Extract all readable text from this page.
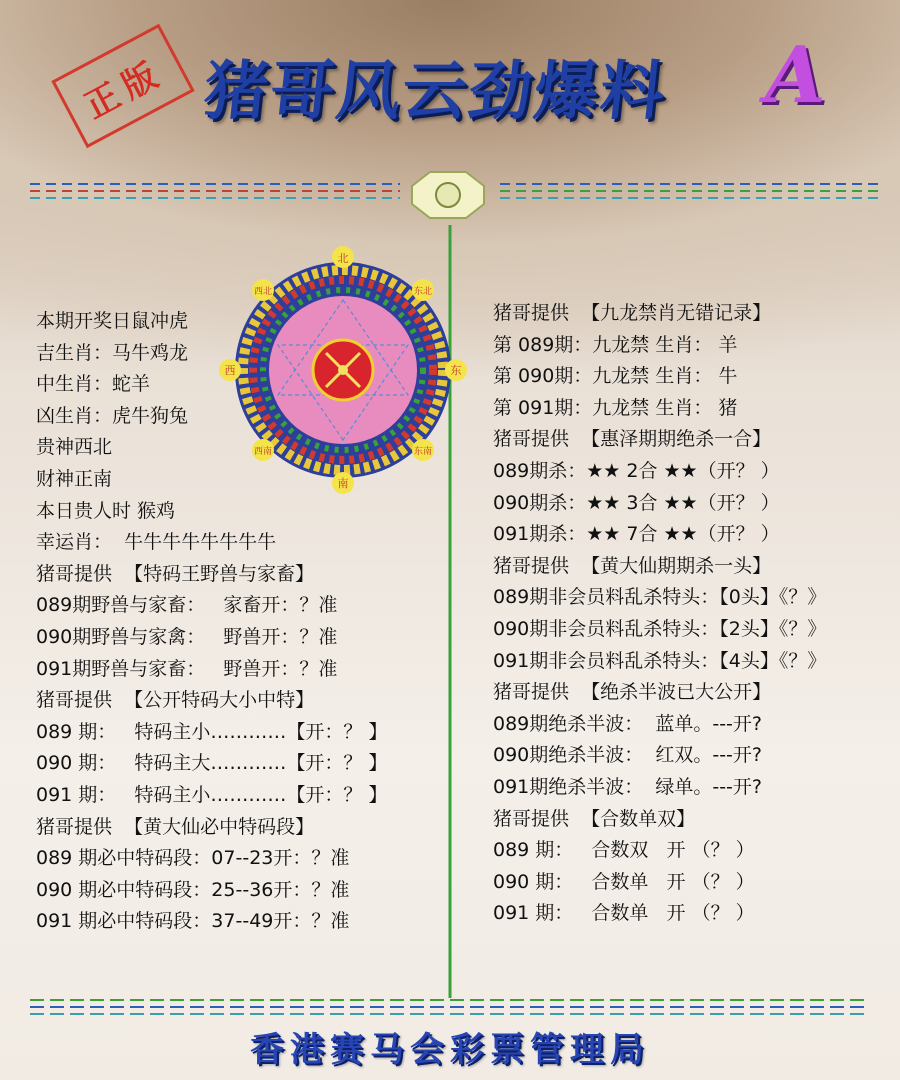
正版 猪哥风云劲爆料 A
北
东北
东
东南
南
西南
西
西北
本期开奖日鼠冲虎
吉生肖：马牛鸡龙
中生肖：蛇羊
凶生肖：虎牛狗兔
贵神西北
财神正南
本日贵人时 猴鸡
幸运肖：  牛牛牛牛牛牛牛牛
猪哥提供  【特码王野兽与家畜】
089期野兽与家畜：   家畜开：？准
090期野兽与家禽：   野兽开：？准
091期野兽与家畜：   野兽开：？准
猪哥提供  【公开特码大小中特】
089 期：   特码主小…………【开：？ 】
090 期：   特码主大…………【开：？ 】
091 期：   特码主小…………【开：？ 】
猪哥提供  【黄大仙必中特码段】
089 期必中特码段：07--23开：？准
090 期必中特码段：25--36开：？准
091 期必中特码段：37--49开：？准
猪哥提供  【九龙禁肖无错记录】
第 089期：九龙禁 生肖： 羊
第 090期：九龙禁 生肖： 牛
第 091期：九龙禁 生肖： 猪
猪哥提供  【惠泽期期绝杀一合】
089期杀：★★ 2合 ★★（开？ ）
090期杀：★★ 3合 ★★（开？ ）
091期杀：★★ 7合 ★★（开？ ）
猪哥提供  【黄大仙期期杀一头】
089期非会员料乱杀特头：【0头】《？》
090期非会员料乱杀特头：【2头】《？》
091期非会员料乱杀特头：【4头】《？》
猪哥提供  【绝杀半波已大公开】
089期绝杀半波：  蓝单。---开?
090期绝杀半波：  红双。---开?
091期绝杀半波：  绿单。---开?
猪哥提供  【合数单双】
089 期：   合数双   开 （？ ）
090 期：   合数单   开 （？ ）
091 期：   合数单   开 （？ ）
香港赛马会彩票管理局
